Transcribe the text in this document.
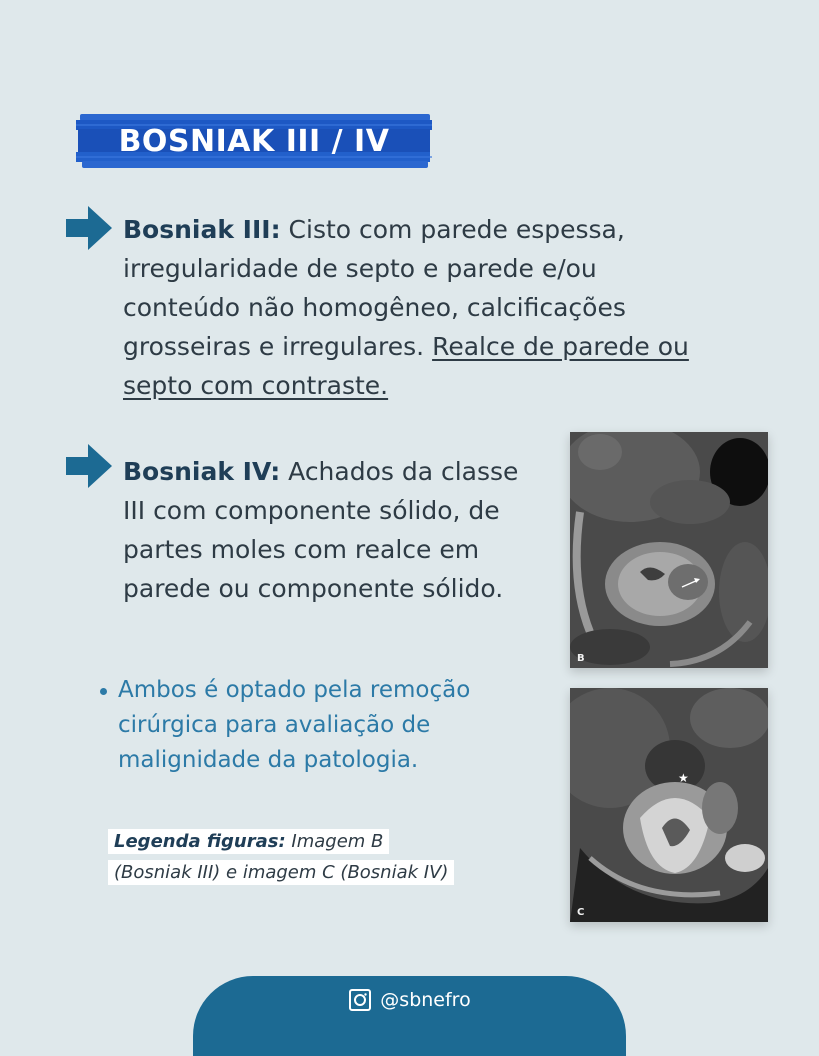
BOSNIAK III / IV
Bosniak III: Cisto com parede espessa, irregularidade de septo e parede e/ou conteúdo não homogêneo, calcificações grosseiras e irregulares. Realce de parede ou septo com contraste.
Bosniak IV: Achados da classe III com componente sólido, de partes moles com realce em parede ou componente sólido.
Ambos é optado pela remoção cirúrgica para avaliação de malignidade da patologia.
Legenda figuras: Imagem B
(Bosniak III) e imagem C (Bosniak IV)
B
★
C
@sbnefro
